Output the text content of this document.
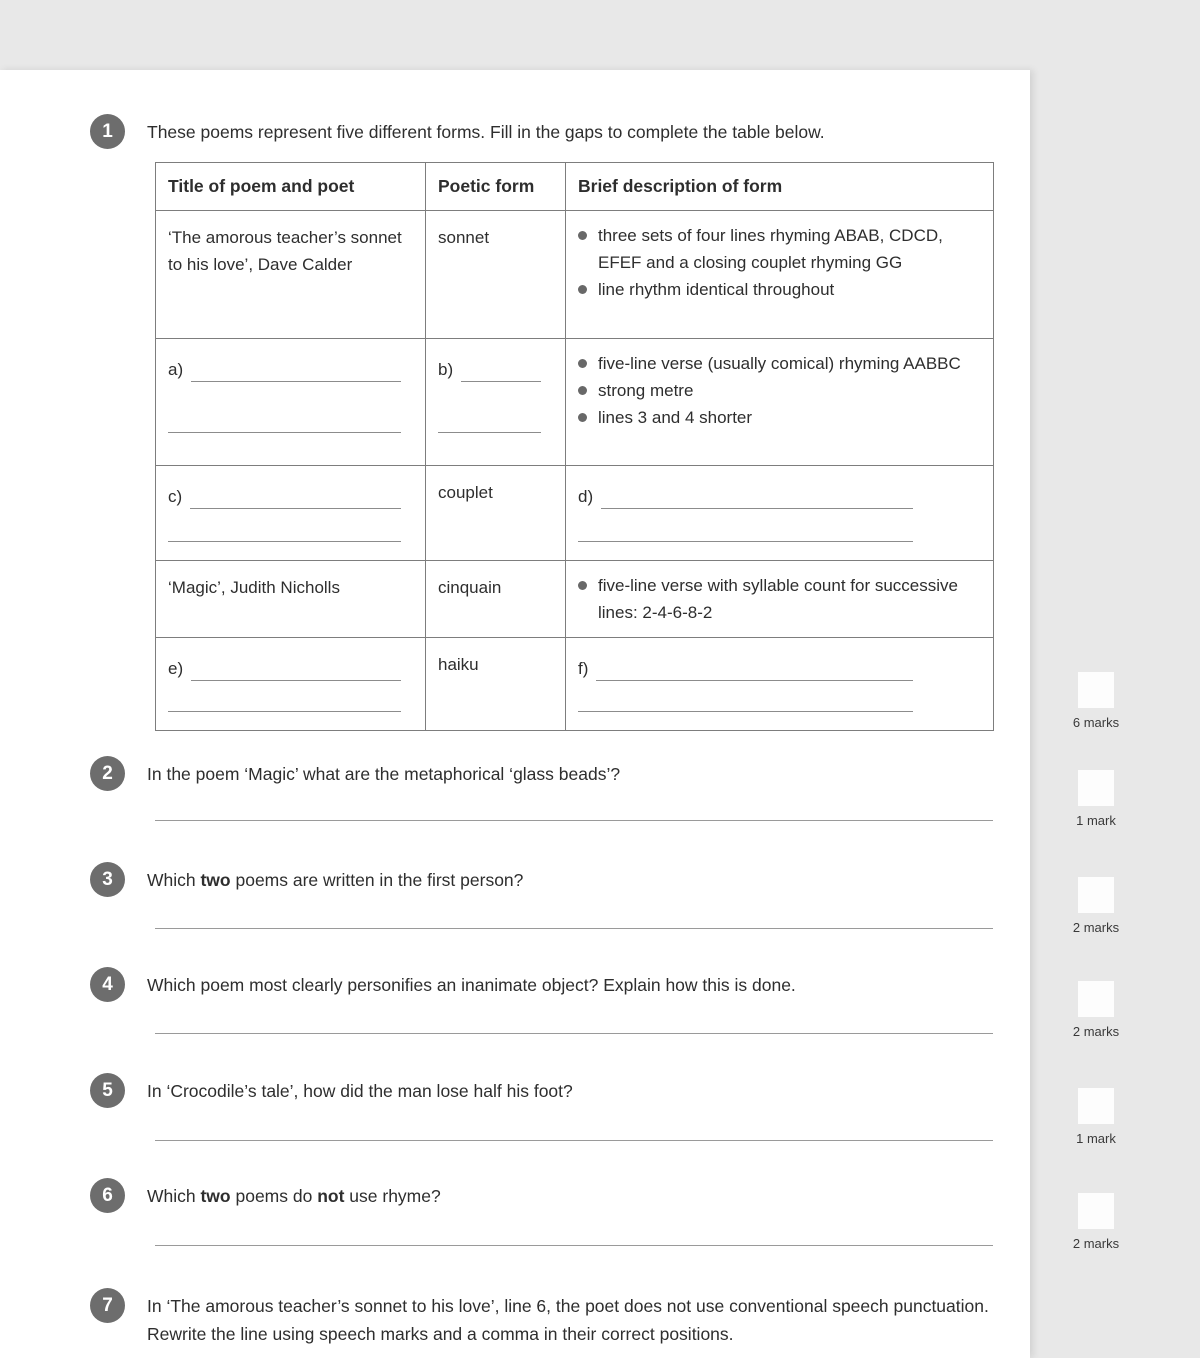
1	These poems represent five different forms. Fill in the gaps to complete the table below.
Title of poem and poet	Poetic form	Brief description of form
‘The amorous teacher’s sonnet to his love’, Dave Calder	sonnet	three sets of four lines rhyming ABAB, CDCD, EFEF and a closing couplet rhyming GG
line rhythm identical throughout

a)	b)	five-line verse (usually comical) rhyming AABBC
strong metre
lines 3 and 4 shorter

c)	couplet	d)

‘Magic’, Judith Nicholls	cinquain	five-line verse with syllable count for successive lines: 2-4-6-8-2

e)	haiku	f)
2	In the poem ‘Magic’ what are the metaphorical ‘glass beads’?
3	Which two poems are written in the first person?
4	Which poem most clearly personifies an inanimate object? Explain how this is done.
5	In ‘Crocodile’s tale’, how did the man lose half his foot?
6	Which two poems do not use rhyme?
7	In ‘The amorous teacher’s sonnet to his love’, line 6, the poet does not use conventional speech punctuation. Rewrite the line using speech marks and a comma in their correct positions.
6 marks
1 mark
2 marks
2 marks
1 mark
2 marks
